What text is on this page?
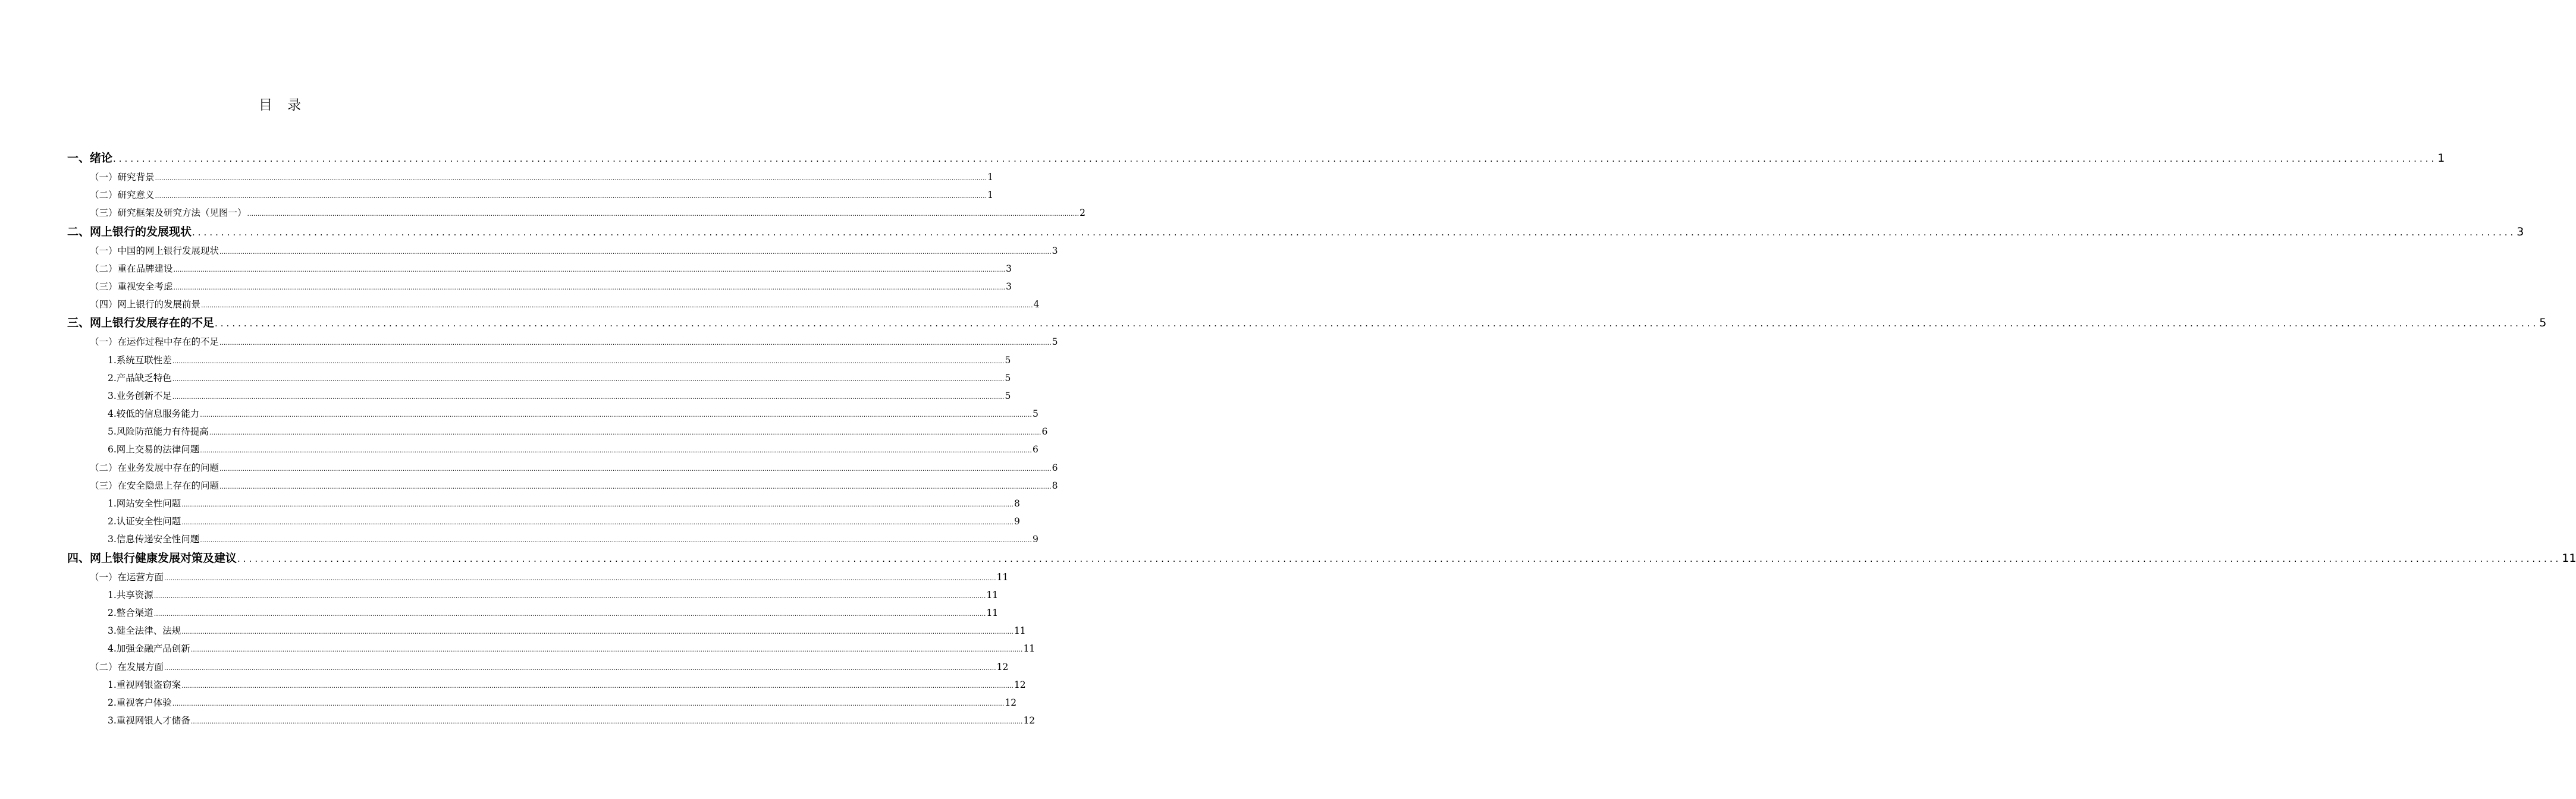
目 录
一、绪论 ................................................................................................................................................................................................................................................................................................................................................................................................................ 1
（一）研究背景 ................................................................................................................................................................................................................................................................................................................................................................................................................ 1
（二）研究意义 ................................................................................................................................................................................................................................................................................................................................................................................................................ 1
（三）研究框架及研究方法（见图一） ................................................................................................................................................................................................................................................................................................................................................................................................................ 2
二、网上银行的发展现状 ................................................................................................................................................................................................................................................................................................................................................................................................................ 3
（一）中国的网上银行发展现状 ................................................................................................................................................................................................................................................................................................................................................................................................................ 3
（二）重在品牌建设 ................................................................................................................................................................................................................................................................................................................................................................................................................ 3
（三）重视安全考虑 ................................................................................................................................................................................................................................................................................................................................................................................................................ 3
（四）网上银行的发展前景 ................................................................................................................................................................................................................................................................................................................................................................................................................ 4
三、网上银行发展存在的不足 ................................................................................................................................................................................................................................................................................................................................................................................................................ 5
（一）在运作过程中存在的不足 ................................................................................................................................................................................................................................................................................................................................................................................................................ 5
1.系统互联性差 ................................................................................................................................................................................................................................................................................................................................................................................................................ 5
2.产品缺乏特色 ................................................................................................................................................................................................................................................................................................................................................................................................................ 5
3.业务创新不足 ................................................................................................................................................................................................................................................................................................................................................................................................................ 5
4.较低的信息服务能力 ................................................................................................................................................................................................................................................................................................................................................................................................................ 5
5.风险防范能力有待提高 ................................................................................................................................................................................................................................................................................................................................................................................................................ 6
6.网上交易的法律问题 ................................................................................................................................................................................................................................................................................................................................................................................................................ 6
（二）在业务发展中存在的问题 ................................................................................................................................................................................................................................................................................................................................................................................................................ 6
（三）在安全隐患上存在的问题 ................................................................................................................................................................................................................................................................................................................................................................................................................ 8
1.网站安全性问题 ................................................................................................................................................................................................................................................................................................................................................................................................................ 8
2.认证安全性问题 ................................................................................................................................................................................................................................................................................................................................................................................................................ 9
3.信息传递安全性问题 ................................................................................................................................................................................................................................................................................................................................................................................................................ 9
四、网上银行健康发展对策及建议 ................................................................................................................................................................................................................................................................................................................................................................................................................ 11
（一）在运营方面 ................................................................................................................................................................................................................................................................................................................................................................................................................ 11
1.共享资源 ................................................................................................................................................................................................................................................................................................................................................................................................................ 11
2.整合渠道 ................................................................................................................................................................................................................................................................................................................................................................................................................ 11
3.健全法律、法规 ................................................................................................................................................................................................................................................................................................................................................................................................................ 11
4.加强金融产品创新 ................................................................................................................................................................................................................................................................................................................................................................................................................ 11
（二）在发展方面 ................................................................................................................................................................................................................................................................................................................................................................................................................ 12
1.重视网银盗窃案 ................................................................................................................................................................................................................................................................................................................................................................................................................ 12
2.重视客户体验 ................................................................................................................................................................................................................................................................................................................................................................................................................ 12
3.重视网银人才储备 ................................................................................................................................................................................................................................................................................................................................................................................................................ 12
